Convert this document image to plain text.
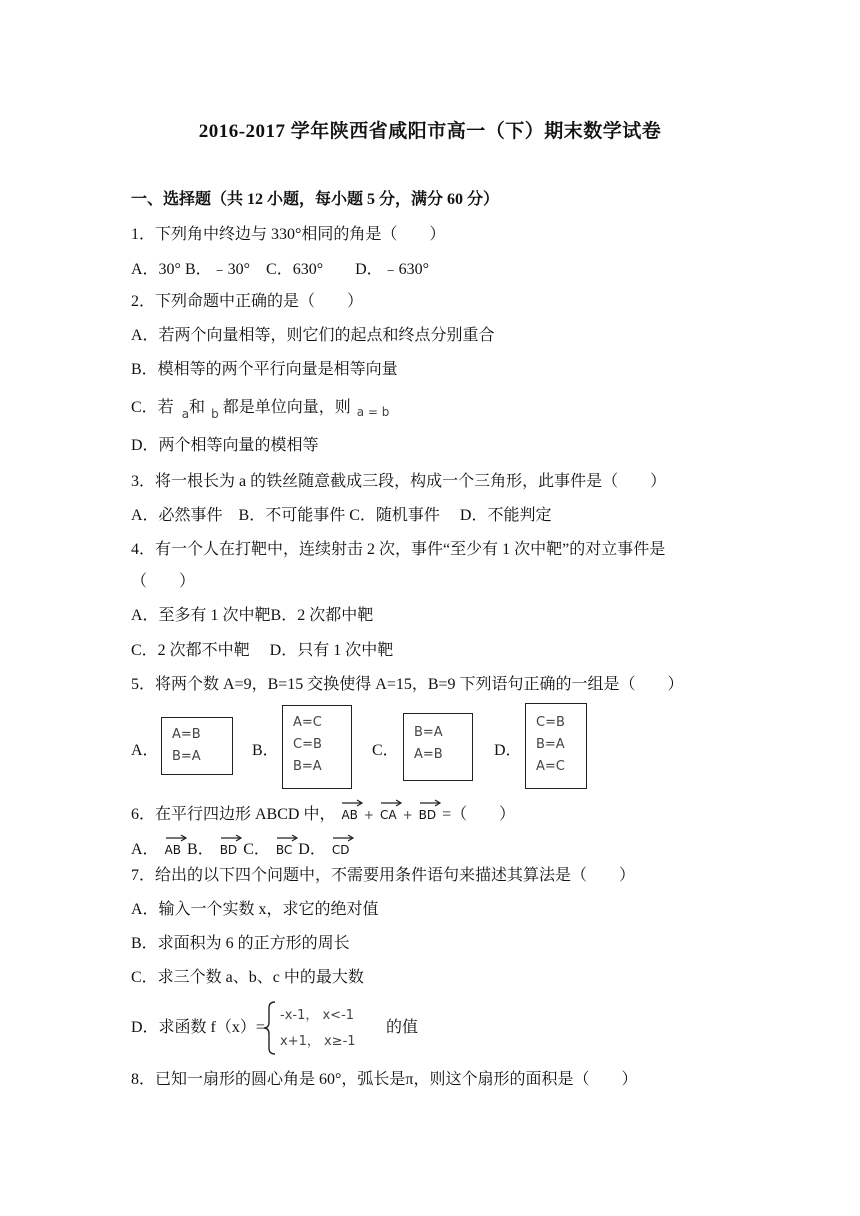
2016-2017 学年陕西省咸阳市高一（下）期末数学试卷
一、选择题（共 12 小题，每小题 5 分，满分 60 分）
1．下列角中终边与 330°相同的角是（　　）
A．30° B．﹣30°　C．630°　　D．﹣630°
2．下列命题中正确的是（　　）
A．若两个向量相等，则它们的起点和终点分别重合
B．模相等的两个平行向量是相等向量
C．若 $_a$和 $_b$ 都是单位向量，则 $_{a = b}$
D．两个相等向量的模相等
3．将一根长为 a 的铁丝随意截成三段，构成一个三角形，此事件是（　　）
A．必然事件　B．不可能事件 C．随机事件　 D．不能判定
4．有一个人在打靶中，连续射击 2 次，事件“至少有 1 次中靶”的对立事件是
（　　）
A．至多有 1 次中靶B．2 次都中靶
C．2 次都不中靶　 D．只有 1 次中靶
5．将两个数 A=9，B=15 交换使得 A=15，B=9 下列语句正确的一组是（　　）
A．
A=B
B=A	B．
A=C
C=B
B=A
C．
B=A
A=B	D．
C=B
B=A
A=C
6．在平行四边形 ABCD 中， AB + CA + BD =（　　）
A． AB B． BD C． BC D． CD
7．给出的以下四个问题中，不需要用条件语句来描述其算法是（　　）
A．输入一个实数 x，求它的绝对值
B．求面积为 6 的正方形的周长
C．求三个数 a、b、c 中的最大数
D．求函数 f（x）=
-x-1， x<-1
x+1， x≥-1
的值
8．已知一扇形的圆心角是 60°，弧长是π，则这个扇形的面积是（　　）
